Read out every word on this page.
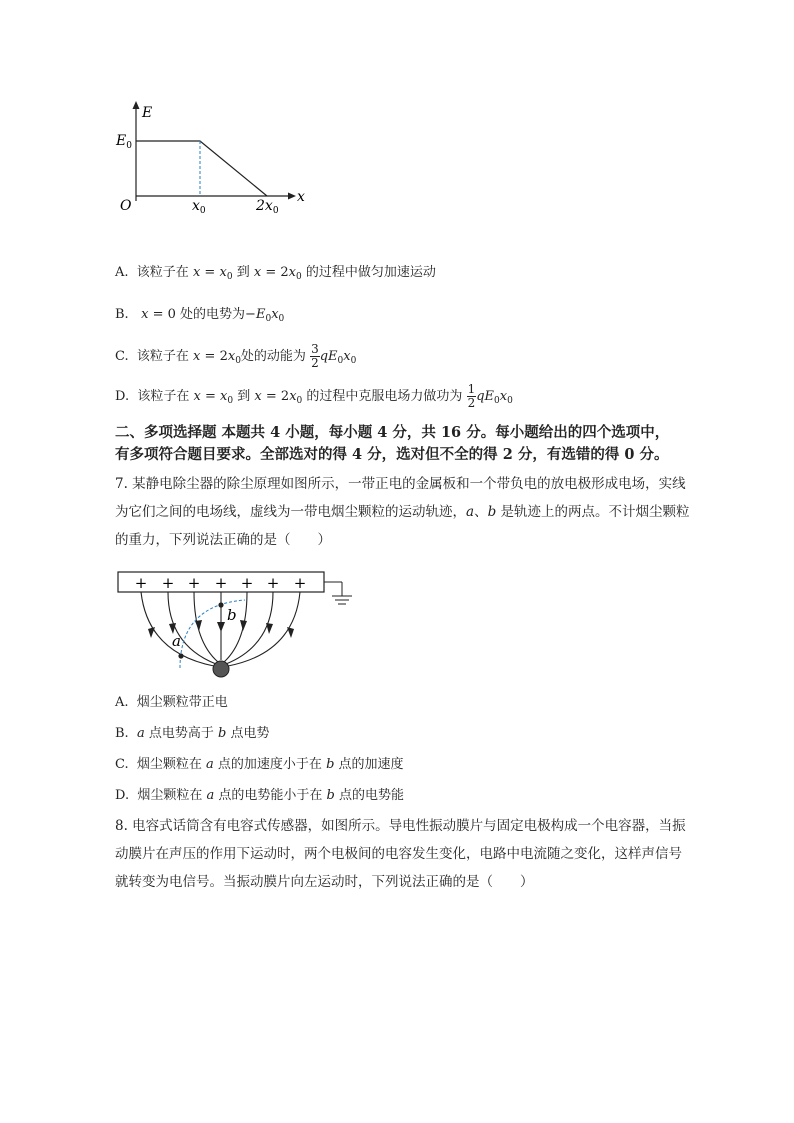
E
$E_0$
O	$x_0$	$2x_0$
x
A. 该粒子在 $x = x_0$ 到 $x = 2x_0$ 的过程中做匀加速运动
B. x = 0 处的电势为$-E_0x_0$
C. 该粒子在 $x = 2x_0$处的动能为 $\frac{3}{2} qE_0x_0$
D. 该粒子在 $x = x_0$ 到 $x = 2x_0$ 的过程中克服电场力做功为 $\frac{1}{2} qE_0x_0$
二、多项选择题 本题共 4 小题，每小题 4 分，共 16 分。每小题给出的四个选项中，
有多项符合题目要求。全部选对的得 4 分，选对但不全的得 2 分，有选错的得 0 分。
7. 某静电除尘器的除尘原理如图所示，一带正电的金属板和一个带负电的放电极形成电场，实线
为它们之间的电场线，虚线为一带电烟尘颗粒的运动轨迹，a、b 是轨迹上的两点。不计烟尘颗粒
的重力，下列说法正确的是（　　）
+ + + + + + +
a
b
A. 烟尘颗粒带正电
B. a 点电势高于 b 点电势
C. 烟尘颗粒在 a 点的加速度小于在 b 点的加速度
D. 烟尘颗粒在 a 点的电势能小于在 b 点的电势能
8. 电容式话筒含有电容式传感器，如图所示。导电性振动膜片与固定电极构成一个电容器，当振
动膜片在声压的作用下运动时，两个电极间的电容发生变化，电路中电流随之变化，这样声信号
就转变为电信号。当振动膜片向左运动时，下列说法正确的是（　　）
